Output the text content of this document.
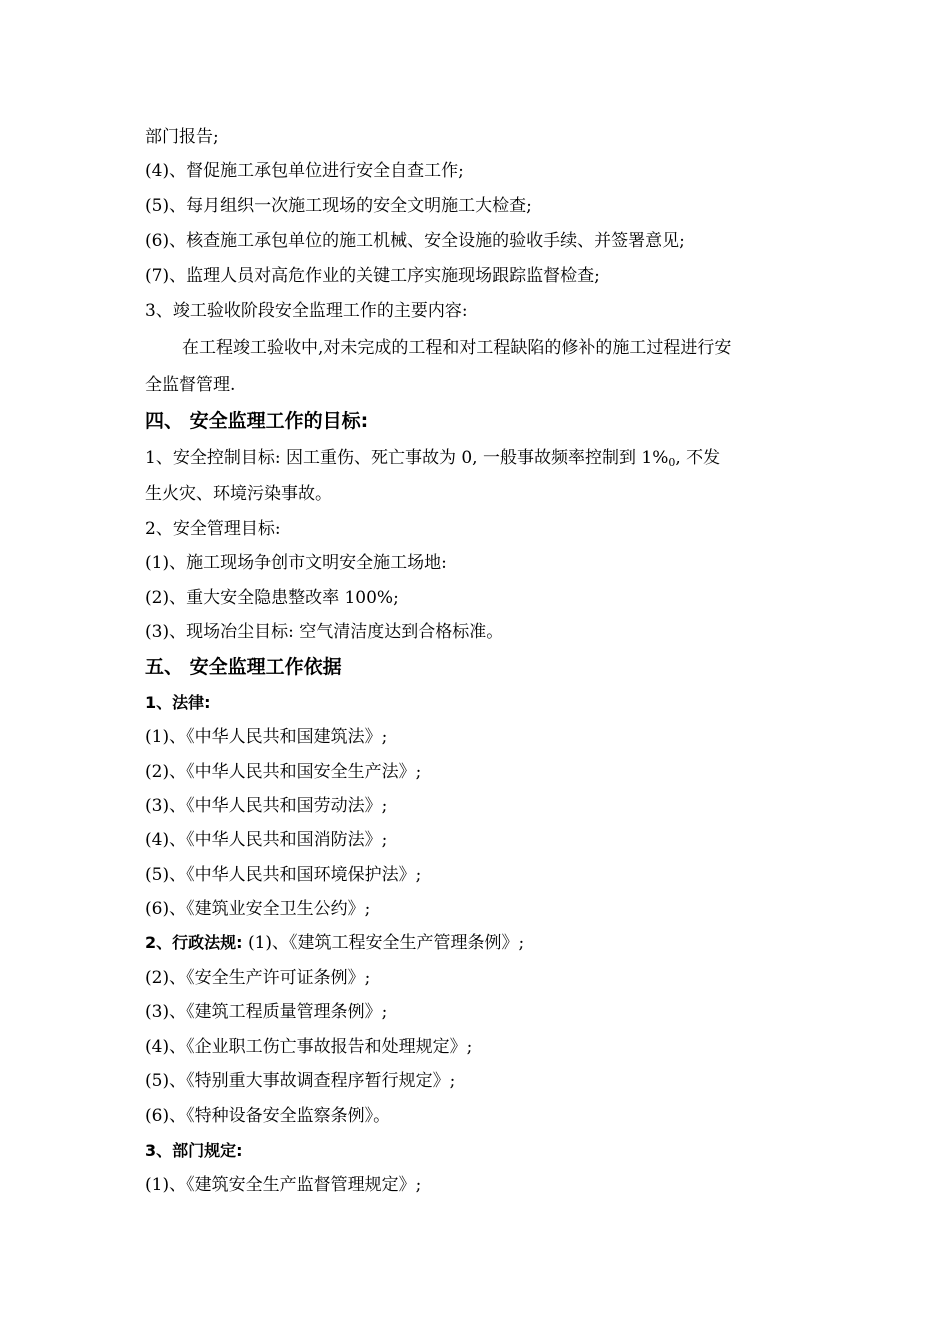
部门报告;
(4)、督促施工承包单位进行安全自查工作;
(5)、每月组织一次施工现场的安全文明施工大检查;
(6)、核查施工承包单位的施工机械、安全设施的验收手续、并签署意见;
(7)、监理人员对高危作业的关键工序实施现场跟踪监督检查;
3、竣工验收阶段安全监理工作的主要内容:
在工程竣工验收中,对未完成的工程和对工程缺陷的修补的施工过程进行安
全监督管理.
四、 安全监理工作的目标:
1、安全控制目标: 因工重伤、死亡事故为 0, 一般事故频率控制到 $1\%_0$, 不发
生火灾、环境污染事故。
2、安全管理目标:
(1)、施工现场争创市文明安全施工场地:
(2)、重大安全隐患整改率 100%;
(3)、现场冶尘目标: 空气清洁度达到合格标准。
五、 安全监理工作依据
1、法律:
(1)、《中华人民共和国建筑法》;
(2)、《中华人民共和国安全生产法》;
(3)、《中华人民共和国劳动法》;
(4)、《中华人民共和国消防法》;
(5)、《中华人民共和国环境保护法》;
(6)、《建筑业安全卫生公约》;
2、行政法规: (1)、《建筑工程安全生产管理条例》;
(2)、《安全生产许可证条例》;
(3)、《建筑工程质量管理条例》;
(4)、《企业职工伤亡事故报告和处理规定》;
(5)、《特别重大事故调查程序暂行规定》;
(6)、《特种设备安全监察条例》。
3、部门规定:
(1)、《建筑安全生产监督管理规定》;
